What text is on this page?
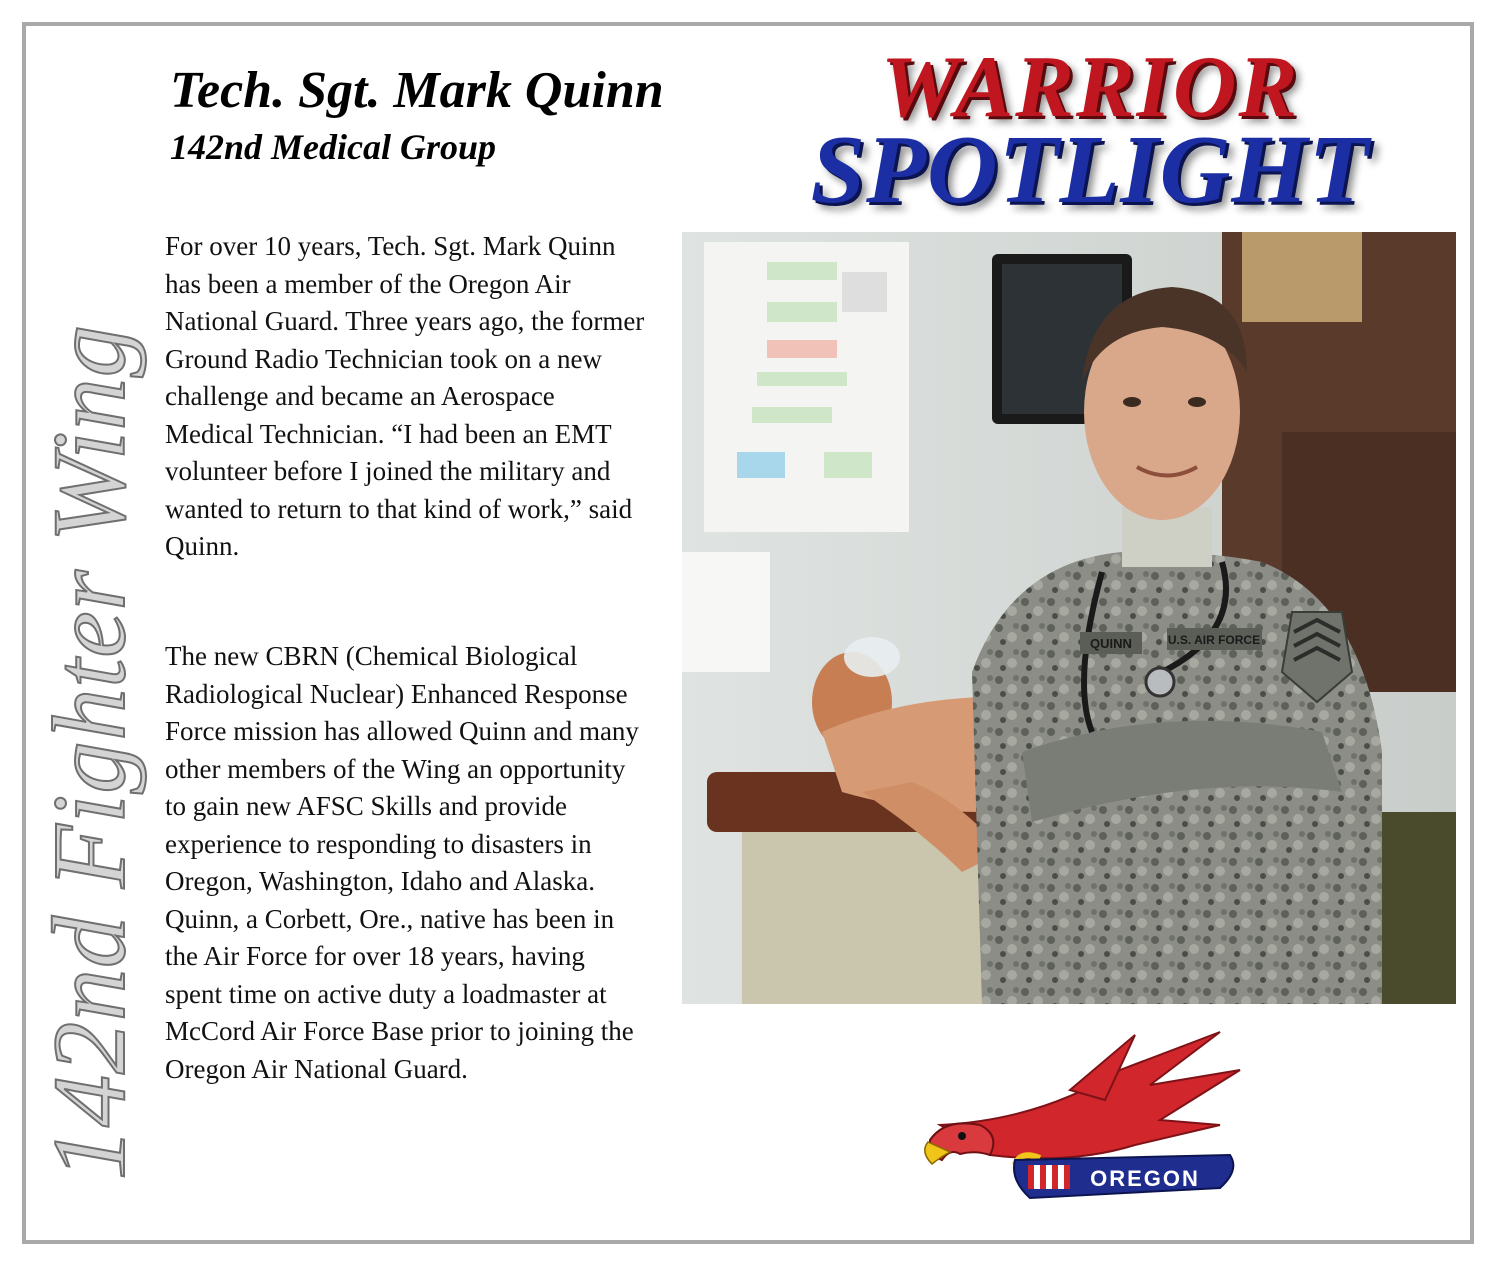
142nd Fighter Wing
Tech. Sgt. Mark Quinn
142nd Medical Group
WARRIOR
SPOTLIGHT
For over 10 years, Tech. Sgt. Mark Quinn has been a member of the Oregon Air National Guard. Three years ago, the former Ground Radio Technician took on a new challenge and became an Aerospace Medical Technician. “I had been an EMT volunteer before I joined the military and wanted to return to that kind of work,” said Quinn.
The new CBRN (Chemical Biological Radiological Nuclear) Enhanced Response Force mission has allowed Quinn and many other members of the Wing an opportunity to gain new AFSC Skills and provide experience to responding to disasters in Oregon, Washington, Idaho and Alaska. Quinn, a Corbett, Ore., native has been in the Air Force for over 18 years, having spent time on active duty a loadmaster at McCord Air Force Base prior to joining the Oregon Air National Guard.
QUINN	U.S. AIR FORCE
OREGON
